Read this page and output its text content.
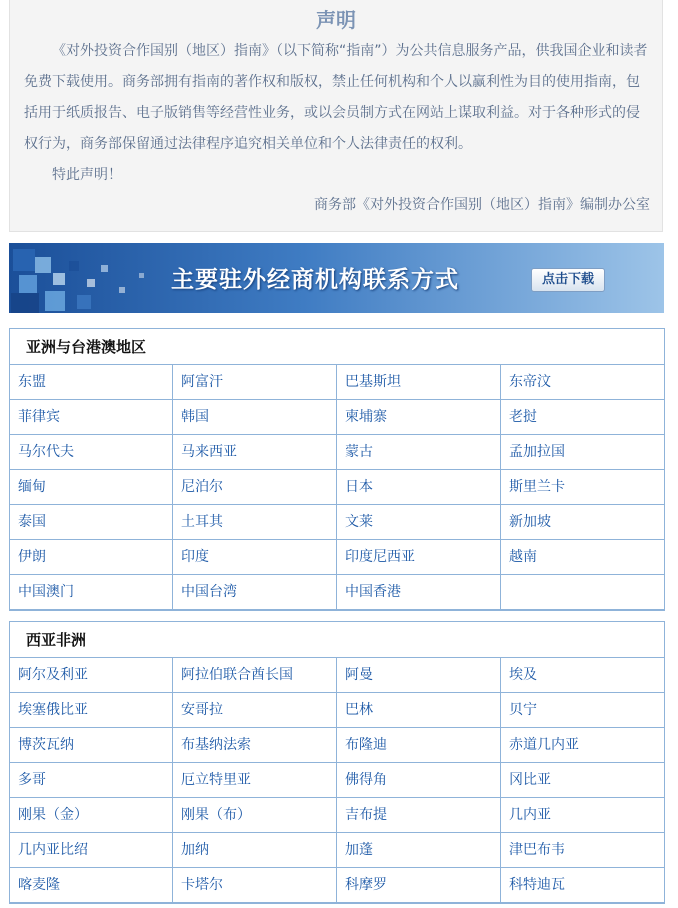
声明

《对外投资合作国别（地区）指南》（以下简称“指南”）为公共信息服务产品，供我国企业和读者免费下载使用。商务部拥有指南的著作权和版权，禁止任何机构和个人以赢利性为目的使用指南，包括用于纸质报告、电子版销售等经营性业务，或以会员制方式在网站上谋取利益。对于各种形式的侵权行为，商务部保留通过法律程序追究相关单位和个人法律责任的权利。

特此声明！
商务部《对外投资合作国别（地区）指南》编制办公室
主要驻外经商机构联系方式	点击下载
亚洲与台港澳地区
东盟	阿富汗	巴基斯坦	东帝汶
菲律宾	韩国	柬埔寨	老挝
马尔代夫	马来西亚	蒙古	孟加拉国
缅甸	尼泊尔	日本	斯里兰卡
泰国	土耳其	文莱	新加坡
伊朗	印度	印度尼西亚	越南
中国澳门	中国台湾	中国香港
西亚非洲
阿尔及利亚	阿拉伯联合酋长国	阿曼	埃及
埃塞俄比亚	安哥拉	巴林	贝宁
博茨瓦纳	布基纳法索	布隆迪	赤道几内亚
多哥	厄立特里亚	佛得角	冈比亚
刚果（金）	刚果（布）	吉布提	几内亚
几内亚比绍	加纳	加蓬	津巴布韦
喀麦隆	卡塔尔	科摩罗	科特迪瓦
